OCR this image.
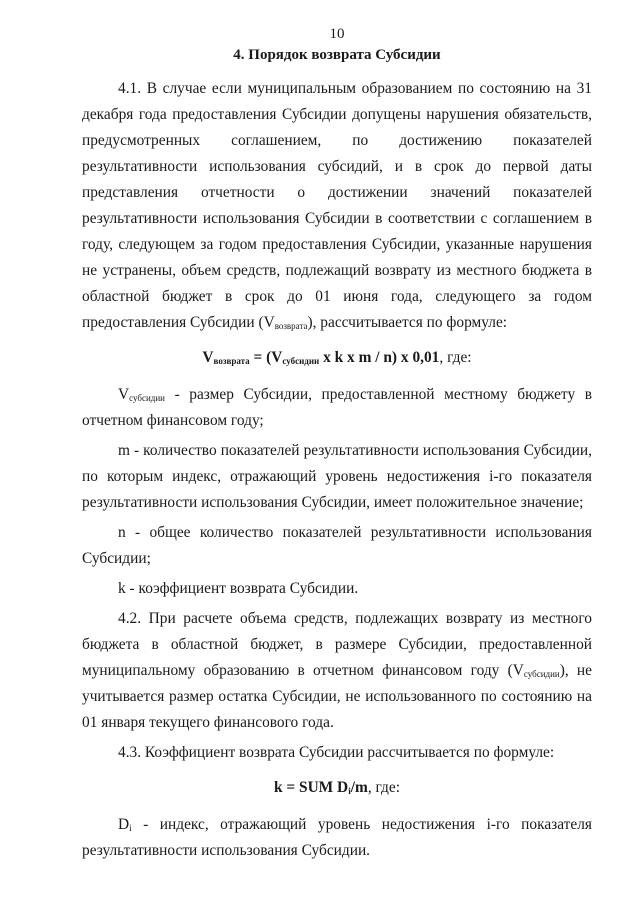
10
4. Порядок возврата Субсидии

4.1. В случае если муниципальным образованием по состоянию на 31 декабря года предоставления Субсидии допущены нарушения обязательств, предусмотренных соглашением, по достижению показателей результативности использования субсидий, и в срок до первой даты представления отчетности о достижении значений показателей результативности использования Субсидии в соответствии с соглашением в году, следующем за годом предоставления Субсидии, указанные нарушения не устранены, объем средств, подлежащий возврату из местного бюджета в областной бюджет в срок до 01 июня года, следующего за годом предоставления Субсидии $(V_{возврата})$, рассчитывается по формуле:

$V_{возврата} = (V_{субсидии}$ x k x m / n) x 0,01, где:

$V_{субсидии}$ - размер Субсидии, предоставленной местному бюджету в отчетном финансовом году;

m - количество показателей результативности использования Субсидии, по которым индекс, отражающий уровень недостижения i-го показателя результативности использования Субсидии, имеет положительное значение;

n - общее количество показателей результативности использования Субсидии;

k - коэффициент возврата Субсидии.

4.2. При расчете объема средств, подлежащих возврату из местного бюджета в областной бюджет, в размере Субсидии, предоставленной муниципальному образованию в отчетном финансовом году $(V_{субсидии})$, не учитывается размер остатка Субсидии, не использованного по состоянию на 01 января текущего финансового года.

4.3. Коэффициент возврата Субсидии рассчитывается по формуле:

k = SUM $D_i/m$, где:

$D_i$ - индекс, отражающий уровень недостижения i-го показателя результативности использования Субсидии.
